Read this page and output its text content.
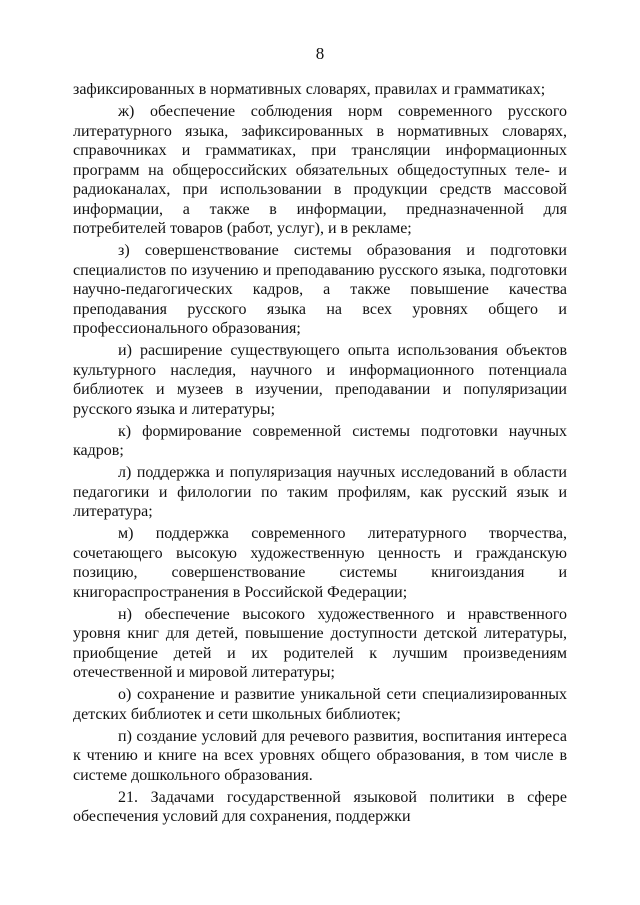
8

зафиксированных в нормативных словарях, правилах и грамматиках;

ж) обеспечение соблюдения норм современного русского литературного языка, зафиксированных в нормативных словарях, справочниках и грамматиках, при трансляции информационных программ на общероссийских обязательных общедоступных теле- и радиоканалах, при использовании в продукции средств массовой информации, а также в информации, предназначенной для потребителей товаров (работ, услуг), и в рекламе;

з) совершенствование системы образования и подготовки специалистов по изучению и преподаванию русского языка, подготовки научно-педагогических кадров, а также повышение качества преподавания русского языка на всех уровнях общего и профессионального образования;

и) расширение существующего опыта использования объектов культурного наследия, научного и информационного потенциала библиотек и музеев в изучении, преподавании и популяризации русского языка и литературы;

к) формирование современной системы подготовки научных кадров;

л) поддержка и популяризация научных исследований в области педагогики и филологии по таким профилям, как русский язык и литература;

м) поддержка современного литературного творчества, сочетающего высокую художественную ценность и гражданскую позицию, совершенствование системы книгоиздания и книгораспространения в Российской Федерации;

н) обеспечение высокого художественного и нравственного уровня книг для детей, повышение доступности детской литературы, приобщение детей и их родителей к лучшим произведениям отечественной и мировой литературы;

о) сохранение и развитие уникальной сети специализированных детских библиотек и сети школьных библиотек;

п) создание условий для речевого развития, воспитания интереса к чтению и книге на всех уровнях общего образования, в том числе в системе дошкольного образования.

21. Задачами государственной языковой политики в сфере обеспечения условий для сохранения, поддержки
